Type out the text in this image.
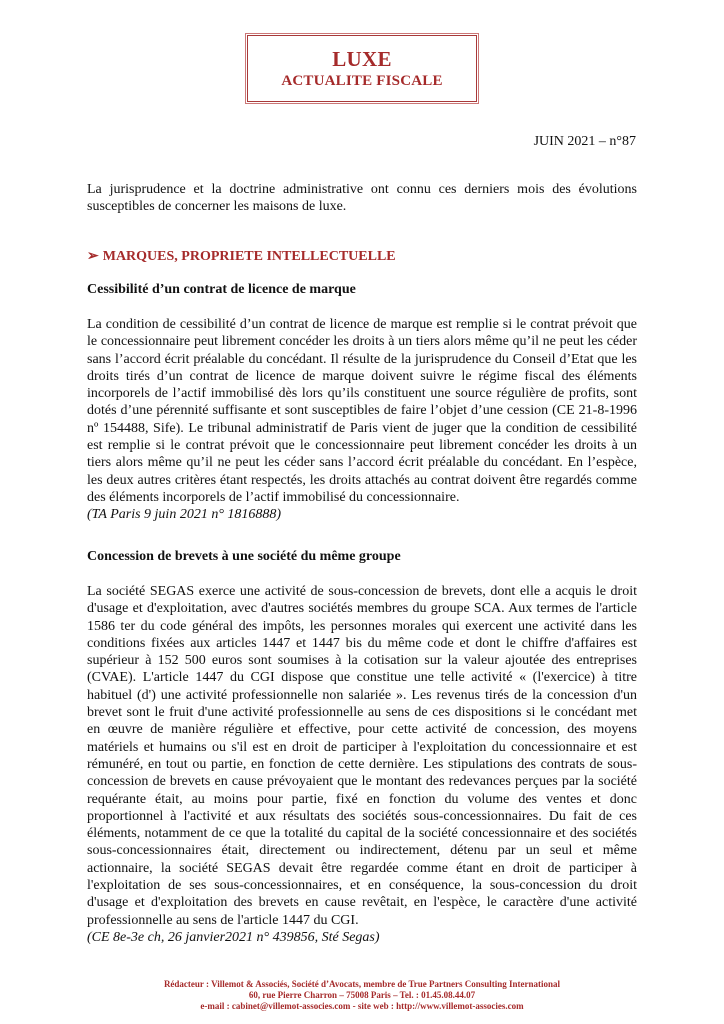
LUXE
ACTUALITE FISCALE
JUIN 2021 – n°87
La jurisprudence et la doctrine administrative ont connu ces derniers mois des évolutions susceptibles de concerner les maisons de luxe.
➢ MARQUES, PROPRIETE INTELLECTUELLE
Cessibilité d’un contrat de licence de marque
La condition de cessibilité d’un contrat de licence de marque est remplie si le contrat prévoit que le concessionnaire peut librement concéder les droits à un tiers alors même qu’il ne peut les céder sans l’accord écrit préalable du concédant. Il résulte de la jurisprudence du Conseil d’Etat que les droits tirés d’un contrat de licence de marque doivent suivre le régime fiscal des éléments incorporels de l’actif immobilisé dès lors qu’ils constituent une source régulière de profits, sont dotés d’une pérennité suffisante et sont susceptibles de faire l’objet d’une cession (CE 21-8-1996 nº 154488, Sife). Le tribunal administratif de Paris vient de juger que la condition de cessibilité est remplie si le contrat prévoit que le concessionnaire peut librement concéder les droits à un tiers alors même qu’il ne peut les céder sans l’accord écrit préalable du concédant. En l’espèce, les deux autres critères étant respectés, les droits attachés au contrat doivent être regardés comme des éléments incorporels de l’actif immobilisé du concessionnaire.
(TA Paris 9 juin 2021 n° 1816888)
Concession de brevets à une société du même groupe
La société SEGAS exerce une activité de sous-concession de brevets, dont elle a acquis le droit d'usage et d'exploitation, avec d'autres sociétés membres du groupe SCA. Aux termes de l'article 1586 ter du code général des impôts, les personnes morales qui exercent une activité dans les conditions fixées aux articles 1447 et 1447 bis du même code et dont le chiffre d'affaires est supérieur à 152 500 euros sont soumises à la cotisation sur la valeur ajoutée des entreprises (CVAE). L'article 1447 du CGI dispose que constitue une telle activité « (l'exercice) à titre habituel (d') une activité professionnelle non salariée ». Les revenus tirés de la concession d'un brevet sont le fruit d'une activité professionnelle au sens de ces dispositions si le concédant met en œuvre de manière régulière et effective, pour cette activité de concession, des moyens matériels et humains ou s'il est en droit de participer à l'exploitation du concessionnaire et est rémunéré, en tout ou partie, en fonction de cette dernière. Les stipulations des contrats de sous-concession de brevets en cause prévoyaient que le montant des redevances perçues par la société requérante était, au moins pour partie, fixé en fonction du volume des ventes et donc proportionnel à l'activité et aux résultats des sociétés sous-concessionnaires. Du fait de ces éléments, notamment de ce que la totalité du capital de la société concessionnaire et des sociétés sous-concessionnaires était, directement ou indirectement, détenu par un seul et même actionnaire, la société SEGAS devait être regardée comme étant en droit de participer à l'exploitation de ses sous-concessionnaires, et en conséquence, la sous-concession du droit d'usage et d'exploitation des brevets en cause revêtait, en l'espèce, le caractère d'une activité professionnelle au sens de l'article 1447 du CGI.
(CE 8e-3e ch, 26 janvier2021 n° 439856, Sté Segas)
Rédacteur : Villemot & Associés, Société d’Avocats, membre de True Partners Consulting International
60, rue Pierre Charron – 75008 Paris – Tel. : 01.45.08.44.07
e-mail : cabinet@villemot-associes.com - site web : http://www.villemot-associes.com
